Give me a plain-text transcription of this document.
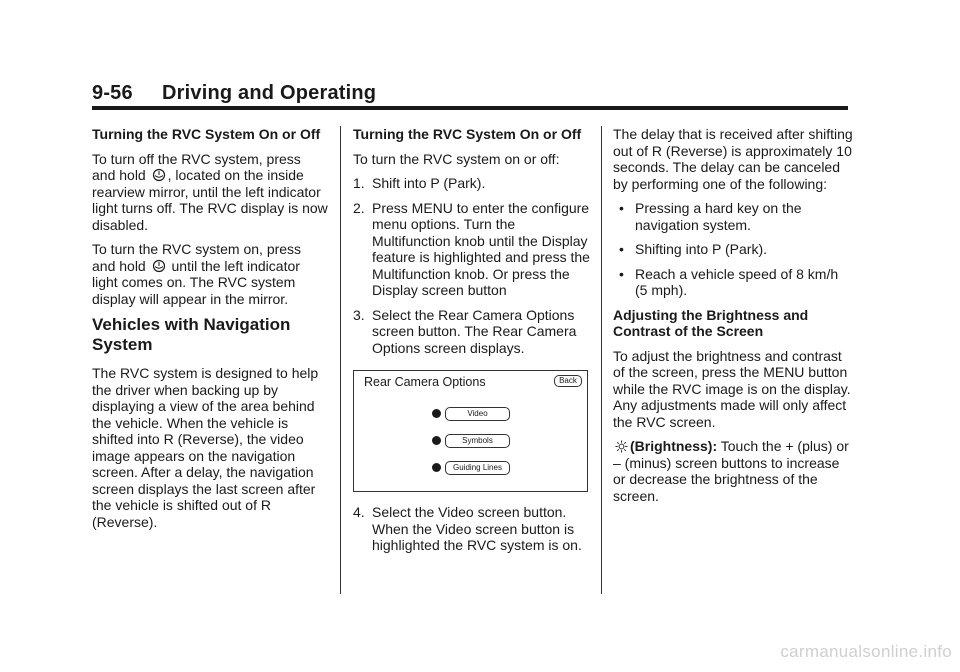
9-56 Driving and Operating

Turning the RVC System On or Off

To turn off the RVC system, press and hold , located on the inside rearview mirror, until the left indicator light turns off. The RVC display is now disabled.

To turn the RVC system on, press and hold until the left indicator light comes on. The RVC system display will appear in the mirror.

Vehicles with Navigation System

The RVC system is designed to help the driver when backing up by displaying a view of the area behind the vehicle. When the vehicle is shifted into R (Reverse), the video image appears on the navigation screen. After a delay, the navigation screen displays the last screen after the vehicle is shifted out of R (Reverse).

Turning the RVC System On or Off

To turn the RVC system on or off:

1. Shift into P (Park).
2. Press MENU to enter the configure menu options. Turn the Multifunction knob until the Display feature is highlighted and press the Multifunction knob. Or press the Display screen button
3. Select the Rear Camera Options screen button. The Rear Camera Options screen displays.
Rear Camera Options	Back
Video
Symbols
Guiding Lines
4. Select the Video screen button. When the Video screen button is highlighted the RVC system is on.

The delay that is received after shifting out of R (Reverse) is approximately 10 seconds. The delay can be canceled by performing one of the following:

• Pressing a hard key on the navigation system.
• Shifting into P (Park).
• Reach a vehicle speed of 8 km/h (5 mph).

Adjusting the Brightness and Contrast of the Screen

To adjust the brightness and contrast of the screen, press the MENU button while the RVC image is on the display. Any adjustments made will only affect the RVC screen.

(Brightness): Touch the + (plus) or – (minus) screen buttons to increase or decrease the brightness of the screen.

carmanualsonline.info
